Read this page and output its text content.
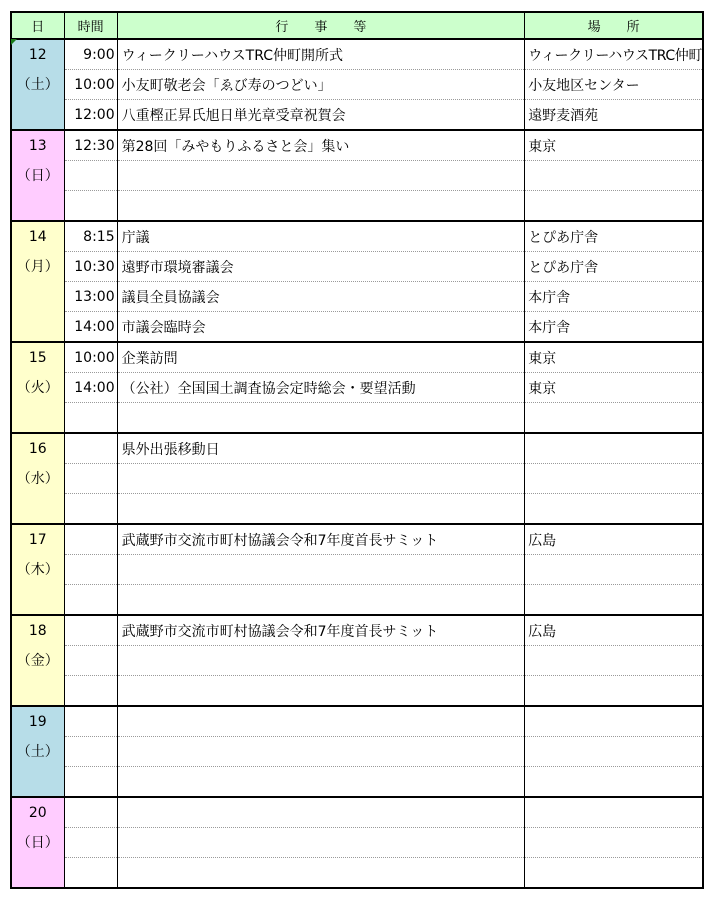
日	時間	行　　事　　等	場　　所

12
（土）	9:00	ウィークリーハウスTRC仲町開所式	ウィークリーハウスTRC仲町
	10:00	小友町敬老会「ゑび寿のつどい」	小友地区センター
	12:00	八重樫正昇氏旭日単光章受章祝賀会	遠野麦酒苑

13
（日）	12:30	第28回「みやもりふるさと会」集い	東京

14
（月）	8:15	庁議	とぴあ庁舎
	10:30	遠野市環境審議会	とぴあ庁舎
	13:00	議員全員協議会	本庁舎
	14:00	市議会臨時会	本庁舎

15
（火）	10:00	企業訪問	東京
	14:00	（公社）全国国土調査協会定時総会・要望活動	東京

16
（水）		県外出張移動日	

17
（木）		武蔵野市交流市町村協議会令和7年度首長サミット	広島

18
（金）		武蔵野市交流市町村協議会令和7年度首長サミット	広島

19
（土）			

20
（日）			
